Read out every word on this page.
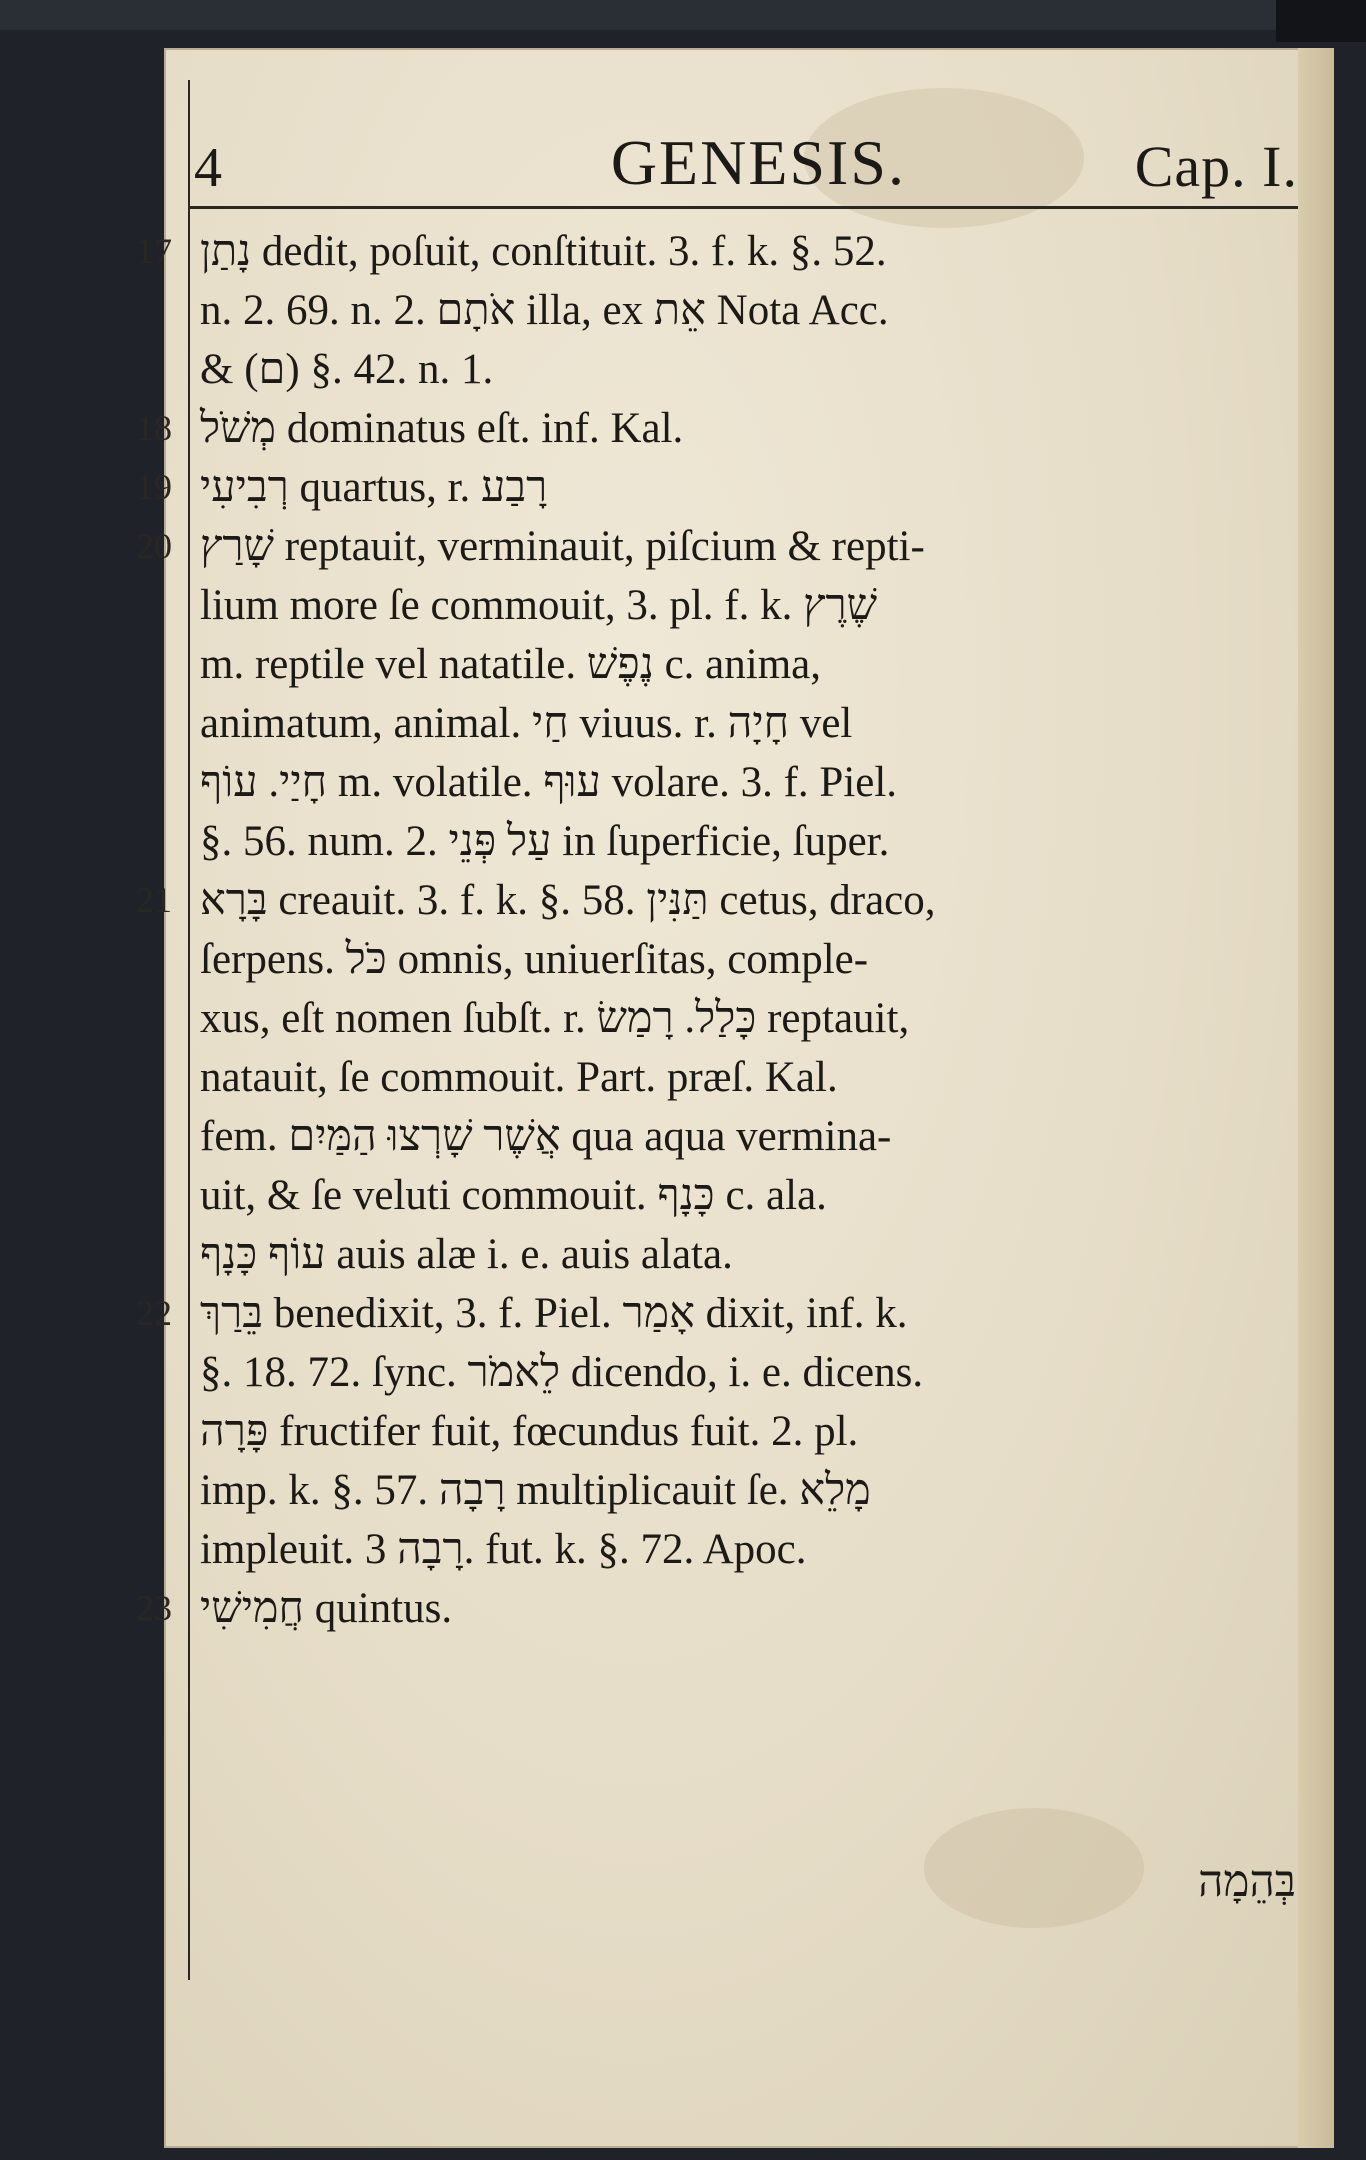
4	GENESIS.	Cap. I.
17 נָתַן dedit, poſuit, conſtituit. 3. f. k. §. 52.
n. 2. 69. n. 2. אֹתָם illa, ex אֵת Nota Acc.
& (ם) §. 42. n. 1.
18 מְשֹׁל dominatus eſt. inf. Kal.
19 רְבִיעִי quartus, r. רָבַע
20 שָׁרַץ reptauit, verminauit, piſcium & repti-
lium more ſe commouit, 3. pl. f. k. שֶׁרֶץ
m. reptile vel natatile. נֶפֶשׁ c. anima,
animatum, animal. חַי viuus. r. חָיָה vel
חָיַי. עוֹף m. volatile. עוּף volare. 3. f. Piel.
§. 56. num. 2. עַל פְּנֵי in ſuperficie, ſuper.
21 בָּרָא creauit. 3. f. k. §. 58. תַּנִּין cetus, draco,
ſerpens. כֹּל omnis, uniuerſitas, comple-
xus, eſt nomen ſubſt. r. כָּלַל. רָמַשׂ reptauit,
natauit, ſe commouit. Part. præſ. Kal.
fem. אֲשֶׁר שָׁרְצוּ הַמַּיִם qua aqua vermina-
uit, & ſe veluti commouit. כָּנָף c. ala.
עוֹף כָּנָף auis alæ i. e. auis alata.
22 בֵּרַךְ benedixit, 3. f. Piel. אָמַר dixit, inf. k.
§. 18. 72. ſync. לֵאמֹר dicendo, i. e. dicens.
פָּרָה fructifer fuit, fœcundus fuit. 2. pl.
imp. k. §. 57. רָבָה multiplicauit ſe. מָלֵא
impleuit. רָבָה 3. fut. k. §. 72. Apoc.
23 חֲמִישִׁי quintus.
בְּהֵמָה
